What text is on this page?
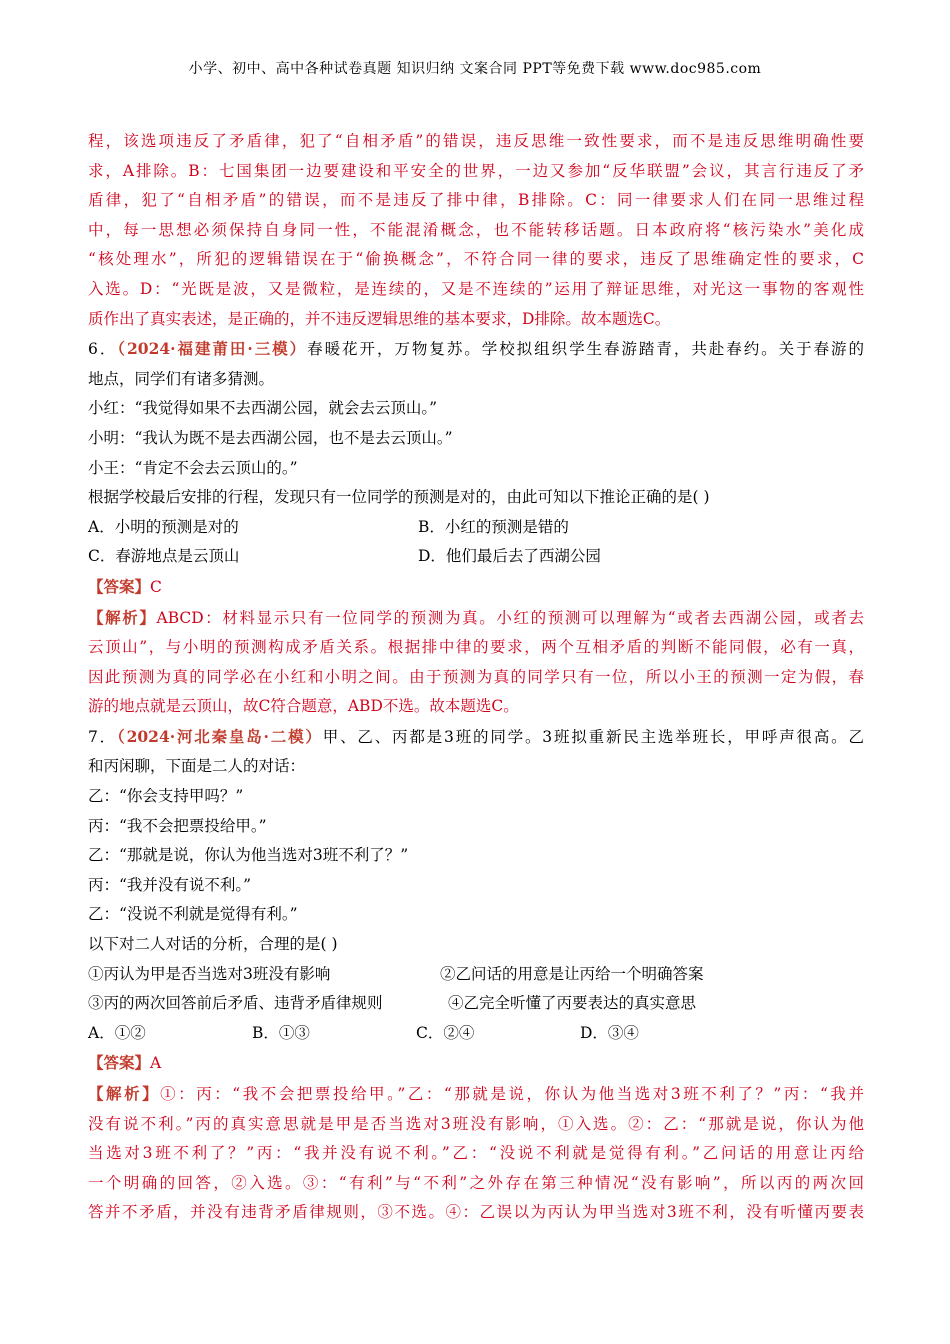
小学、初中、高中各种试卷真题 知识归纳 文案合同 PPT等免费下载 www.doc985.com
程，该选项违反了矛盾律，犯了“自相矛盾”的错误，违反思维一致性要求，而不是违反思维明确性要
求，A排除。B：七国集团一边要建设和平安全的世界，一边又参加“反华联盟”会议，其言行违反了矛
盾律，犯了“自相矛盾”的错误，而不是违反了排中律，B排除。C：同一律要求人们在同一思维过程
中，每一思想必须保持自身同一性，不能混淆概念，也不能转移话题。日本政府将“核污染水”美化成
“核处理水”，所犯的逻辑错误在于“偷换概念”，不符合同一律的要求，违反了思维确定性的要求，C
入选。D：“光既是波，又是微粒，是连续的，又是不连续的”运用了辩证思维，对光这一事物的客观性
质作出了真实表述，是正确的，并不违反逻辑思维的基本要求，D排除。故本题选C。
6．（2024·福建莆田·三模）春暖花开，万物复苏。学校拟组织学生春游踏青，共赴春约。关于春游的
地点，同学们有诸多猜测。
小红：“我觉得如果不去西湖公园，就会去云顶山。”
小明：“我认为既不是去西湖公园，也不是去云顶山。”
小王：“肯定不会去云顶山的。”
根据学校最后安排的行程，发现只有一位同学的预测是对的，由此可知以下推论正确的是( )
A．小明的预测是对的	B．小红的预测是错的
C．春游地点是云顶山	D．他们最后去了西湖公园
【答案】C
【解析】ABCD：材料显示只有一位同学的预测为真。小红的预测可以理解为“或者去西湖公园，或者去
云顶山”，与小明的预测构成矛盾关系。根据排中律的要求，两个互相矛盾的判断不能同假，必有一真，
因此预测为真的同学必在小红和小明之间。由于预测为真的同学只有一位，所以小王的预测一定为假，春
游的地点就是云顶山，故C符合题意，ABD不选。故本题选C。
7．（2024·河北秦皇岛·二模）甲、乙、丙都是3班的同学。3班拟重新民主选举班长，甲呼声很高。乙
和丙闲聊，下面是二人的对话：
乙：“你会支持甲吗？”
丙：“我不会把票投给甲。”
乙：“那就是说，你认为他当选对3班不利了？”
丙：“我并没有说不利。”
乙：“没说不利就是觉得有利。”
以下对二人对话的分析，合理的是( )
①丙认为甲是否当选对3班没有影响	②乙问话的用意是让丙给一个明确答案
③丙的两次回答前后矛盾、违背矛盾律规则	④乙完全听懂了丙要表达的真实意思
A．①②	B．①③	C．②④	D．③④
【答案】A
【解析】①：丙：“我不会把票投给甲。”乙：“那就是说，你认为他当选对3班不利了？”丙：“我并
没有说不利。”丙的真实意思就是甲是否当选对3班没有影响，①入选。②：乙：“那就是说，你认为他
当选对3班不利了？”丙：“我并没有说不利。”乙：“没说不利就是觉得有利。”乙问话的用意让丙给
一个明确的回答，②入选。③：“有利”与“不利”之外存在第三种情况“没有影响”，所以丙的两次回
答并不矛盾，并没有违背矛盾律规则，③不选。④：乙误以为丙认为甲当选对3班不利，没有听懂丙要表
